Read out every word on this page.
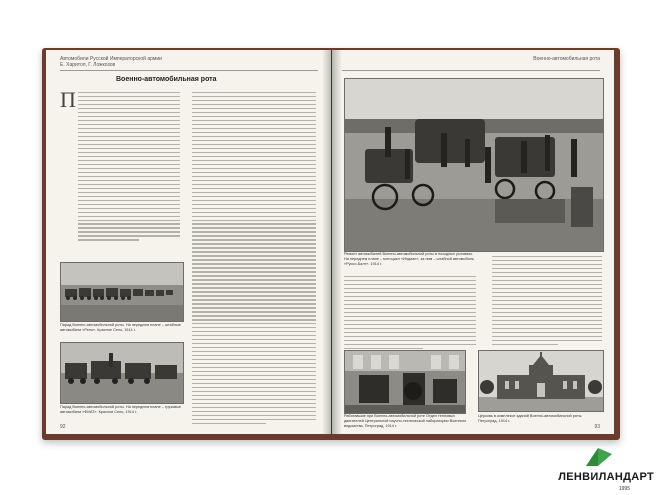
Автомобили Русской Императорской армии
Е. Харитоп, Г. Ложкозов
Военно-автомобильная рота
П
Парад Военно-автомобильной роты. На переднем плане – штабные автомобили «Рено». Красное Село, 1914 г.
Парад Военно-автомобильной роты. На переднем плане – грузовые автомобили «ФИАТ». Красное Село, 1914 г.
92
Военно-автомобильная рота
Ремонт автомобилей Военно-автомобильной роты в походных условиях. На переднем плане – мотоцикл «Индиан», за ним – штабной автомобиль «Руссо-Балт». 1914 г.
Работавшие при Военно-автомобильной роте Отдел тепловых двигателей Центральной научно-технической лаборатории Военного ведомства. Петроград, 1914 г.
Церковь в комплексе зданий Военно-автомобильной роты. Петроград, 1914 г.
93
ЛЕНВИЛАНДАРТ
1995
